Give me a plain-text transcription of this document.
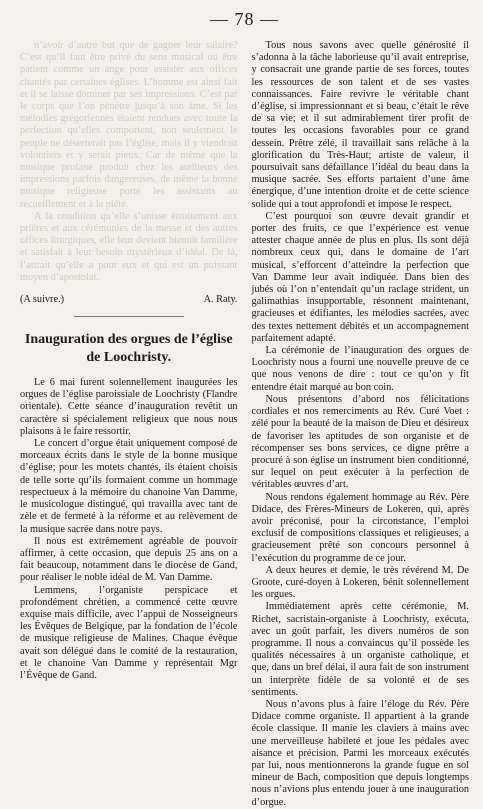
— 78 —

n’avoir d’autre but que de gagner leur salaire? C’est qu’il faut être privé du sens musical ou être patient comme un ange pour assister aux offices chantés par certaines églises. L’homme est ainsi fait et il se laisse dominer par ses impressions. C’est par le corps que l’on pénètre jusqu’à son âme. Si les mélodies grégoriennes étaient rendues avec toute la perfection qu’elles comportent, non seulement le peuple ne déserterait pas l’église, mais il y viendrait volontiers et y serait pieux. Car de même que la musique profane produit chez les auditeurs des impressions parfois dangereuses, de même la bonne musique religieuse porte les assistants au recueillement et à la piété.

A la condition qu’elle s’unisse étroitement aux prières et aux cérémonies de la messe et des autres offices liturgiques, elle leur devient bientôt familière et satisfait à leur besoin mystérieux d’idéal. De là, l’attrait qu’elle a pour eux et qui est un puissant moyen d’apostolat.

(A suivre.)	A. Raty.
Inauguration des orgues de l’église
de Loochristy.

Le 6 mai furent solennellement inaugurées les orgues de l’église paroissiale de Loochristy (Flandre orientale). Cette séance d’inauguration revêtit un caractère si spécialement religieux que nous nous plaisons à le faire ressortir.

Le concert d’orgue était uniquement composé de morceaux écrits dans le style de la bonne musique d’église; pour les motets chantés, ils étaient choisis de telle sorte qu’ils formaient comme un hommage respectueux à la mémoire du chanoine Van Damme, le musicologue distingué, qui travailla avec tant de zèle et de fermeté à la réforme et au relèvement de la musique sacrée dans notre pays.

Il nous est extrêmement agréable de pouvoir affirmer, à cette occasion, que depuis 25 ans on a fait beaucoup, notamment dans le diocèse de Gand, pour réaliser le noble idéal de M. Van Damme.

Lemmens, l’organiste perspicace et profondément chrétien, a commencé cette œuvre exquise mais difficile, avec l’appui de Nosseigneurs les Évêques de Belgique, par la fondation de l’école de musique religieuse de Malines. Chaque évêque avait son délégué dans le comité de la restauration, et le chanoine Van Damme y représentait Mgr l’Évêque de Gand.

Tous nous savons avec quelle générosité il s’adonna à la tâche laborieuse qu’il avait entreprise, y consacrait une grande partie de ses forces, toutes les ressources de son talent et de ses vastes connaissances. Faire revivre le véritable chant d’église, si impressionnant et si beau, c’était le rêve de sa vie; et il sut admirablement tirer profit de toutes les occasions favorables pour ce grand dessein. Prêtre zélé, il travaillait sans relâche à la glorification du Très-Haut; artiste de valeur, il poursuivait sans défaillance l’idéal du beau dans la musique sacrée. Ses efforts partaient d’une âme énergique, d’une intention droite et de cette science solide qui a tout approfondi et impose le respect.

C’est pourquoi son œuvre devait grandir et porter des fruits, ce que l’expérience est venue attester chaque année de plus en plus. Ils sont déjà nombreux ceux qui, dans le domaine de l’art musical, s’efforcent d’atteindre la perfection que Van Damme leur avait indiquée. Dans bien des jubés où l’on n’entendait qu’un raclage strident, un galimathias insupportable, résonnent maintenant, gracieuses et édifiantes, les mélodies sacrées, avec des textes nettement débités et un accompagnement parfaitement adapté.

La cérémonie de l’inauguration des orgues de Loochristy nous a fourni une nouvelle preuve de ce que nous venons de dire : tout ce qu’on y fit entendre était marqué au bon coin.

Nous présentons d’abord nos félicitations cordiales et nos remerciments au Rév. Curé Voet : zélé pour la beauté de la maison de Dieu et désireux de favoriser les aptitudes de son organiste et de récompenser ses bons services, ce digne prêtre a procuré à son église un instrument bien conditionné, sur lequel on peut exécuter à la perfection de véritables œuvres d’art.

Nous rendons également hommage au Rév. Père Didace, des Frères-Mineurs de Lokeren, qui, après avoir préconisé, pour la circonstance, l’emploi exclusif de compositions classiques et religieuses, a gracieusement prêté son concours personnel à l’exécution du programme de ce jour.

A deux heures et demie, le très révérend M. De Groote, curé-doyen à Lokeren, bénit solennellement les orgues.

Immédiatement après cette cérémonie, M. Richet, sacristain-organiste à Loochristy, exécuta, avec un goût parfait, les divers numéros de son programme. Il nous a convaincus qu’il possède les qualités nécessaires à un organiste catholique, et que, dans un bref délai, il aura fait de son instrument un interprète fidèle de sa volonté et de ses sentiments.

Nous n’avons plus à faire l’éloge du Rév. Père Didace comme organiste. Il appartient à la grande école classique. Il manie les claviers à mains avec une merveilleuse habileté et joue les pédales avec aisance et précision. Parmi les morceaux exécutés par lui, nous mentionnerons la grande fugue en sol mineur de Bach, composition que depuis longtemps nous n’avions plus entendu jouer à une inauguration d’orgue.
